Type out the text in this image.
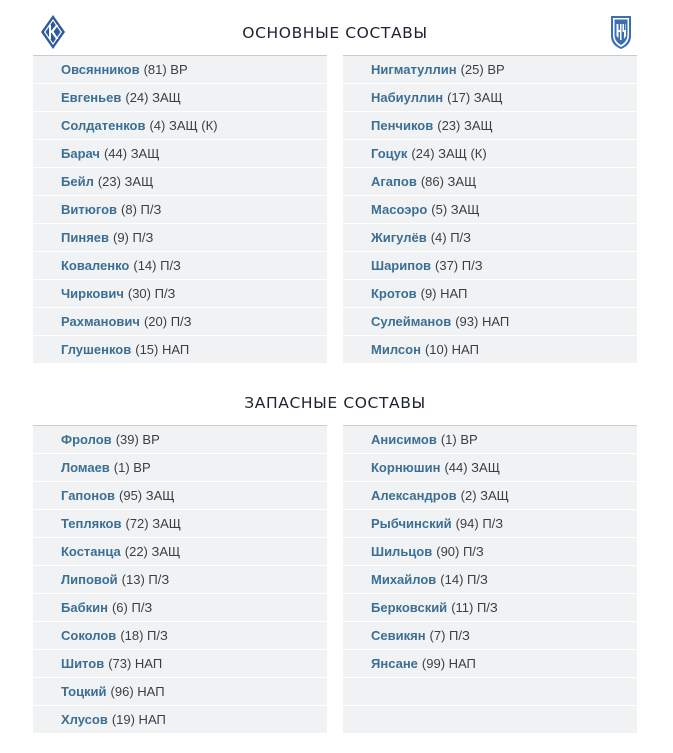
ОСНОВНЫЕ СОСТАВЫ
Овсянников (81) ВР
Евгеньев (24) ЗАЩ
Солдатенков (4) ЗАЩ (К)
Барач (44) ЗАЩ
Бейл (23) ЗАЩ
Витюгов (8) П/З
Пиняев (9) П/З
Коваленко (14) П/З
Чиркович (30) П/З
Рахманович (20) П/З
Глушенков (15) НАП
Нигматуллин (25) ВР
Набиуллин (17) ЗАЩ
Пенчиков (23) ЗАЩ
Гоцук (24) ЗАЩ (К)
Агапов (86) ЗАЩ
Масоэро (5) ЗАЩ
Жигулёв (4) П/З
Шарипов (37) П/З
Кротов (9) НАП
Сулейманов (93) НАП
Милсон (10) НАП
ЗАПАСНЫЕ СОСТАВЫ
Фролов (39) ВР
Ломаев (1) ВР
Гапонов (95) ЗАЩ
Тепляков (72) ЗАЩ
Костанца (22) ЗАЩ
Липовой (13) П/З
Бабкин (6) П/З
Соколов (18) П/З
Шитов (73) НАП
Тоцкий (96) НАП
Хлусов (19) НАП
Анисимов (1) ВР
Корнюшин (44) ЗАЩ
Александров (2) ЗАЩ
Рыбчинский (94) П/З
Шильцов (90) П/З
Михайлов (14) П/З
Берковский (11) П/З
Севикян (7) П/З
Янсане (99) НАП
